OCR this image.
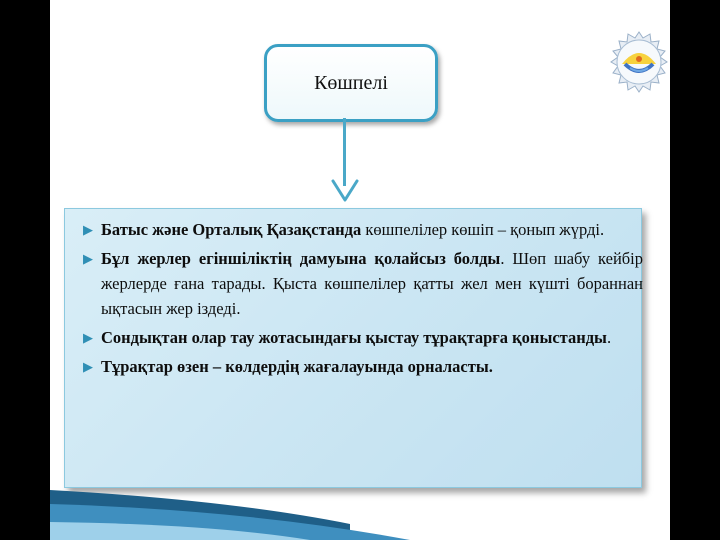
Көшпелі
▶ Батыс және Орталық Қазақстанда көшпелілер көшіп – қонып жүрді.
▶ Бұл жерлер егіншіліктің дамуына қолайсыз болды. Шөп шабу кейбір жерлерде ғана тарады. Қыста көшпелілер қатты жел мен күшті бораннан ықтасын жер іздеді.
▶ Сондықтан олар тау жотасындағы қыстау тұрақтарға қоныстанды.
▶ Тұрақтар өзен – көлдердің жағалауында орналасты.
